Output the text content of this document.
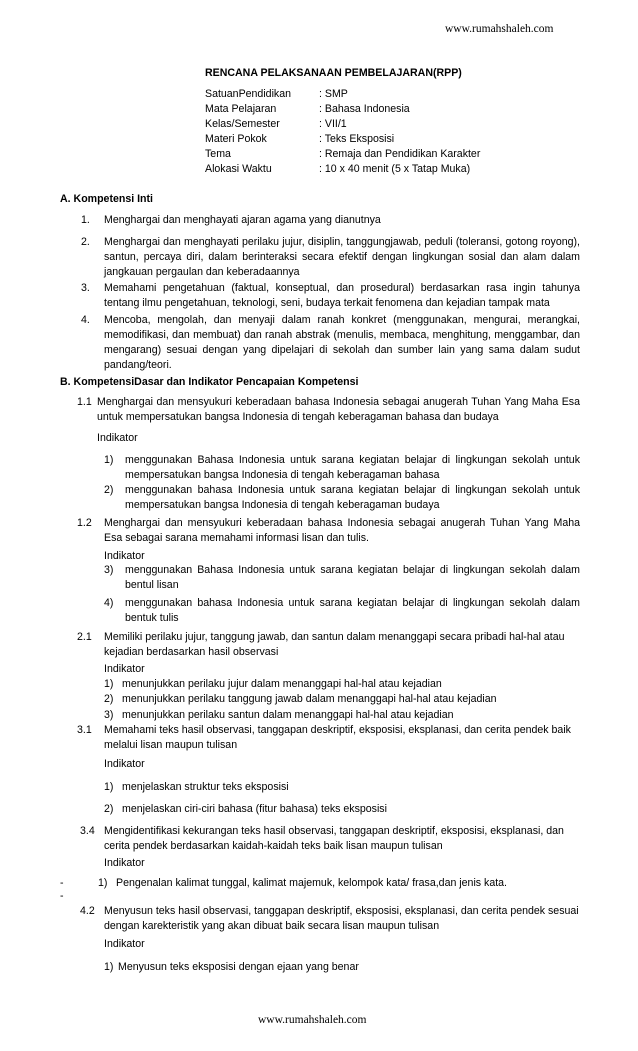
www.rumahshaleh.com
RENCANA PELAKSANAAN PEMBELAJARAN(RPP)
SatuanPendidikan	: SMP
Mata Pelajaran	: Bahasa Indonesia
Kelas/Semester	: VII/1
Materi Pokok	: Teks Eksposisi
Tema	: Remaja dan Pendidikan Karakter
Alokasi Waktu	: 10 x 40 menit (5 x Tatap Muka)
A. Kompetensi Inti
1. Menghargai dan menghayati ajaran agama yang dianutnya
2. Menghargai dan menghayati perilaku jujur, disiplin, tanggungjawab, peduli (toleransi, gotong royong), santun, percaya diri, dalam berinteraksi secara efektif dengan lingkungan sosial dan alam dalam jangkauan pergaulan dan keberadaannya
3. Memahami pengetahuan (faktual, konseptual, dan prosedural) berdasarkan rasa ingin tahunya tentang ilmu pengetahuan, teknologi, seni, budaya terkait fenomena dan kejadian tampak mata
4. Mencoba, mengolah, dan menyaji dalam ranah konkret (menggunakan, mengurai, merangkai, memodifikasi, dan membuat) dan ranah abstrak (menulis, membaca, menghitung, menggambar, dan mengarang) sesuai dengan yang dipelajari di sekolah dan sumber lain yang sama dalam sudut pandang/teori.
B. KompetensiDasar dan Indikator Pencapaian Kompetensi
1.1 Menghargai dan mensyukuri keberadaan bahasa Indonesia sebagai anugerah Tuhan Yang Maha Esa untuk mempersatukan bangsa Indonesia di tengah keberagaman bahasa dan budaya
Indikator
1) menggunakan Bahasa Indonesia untuk sarana kegiatan belajar di lingkungan sekolah untuk mempersatukan bangsa Indonesia di tengah keberagaman bahasa
2) menggunakan bahasa Indonesia untuk sarana kegiatan belajar di lingkungan sekolah untuk mempersatukan bangsa Indonesia di tengah keberagaman budaya
1.2 Menghargai dan mensyukuri keberadaan bahasa Indonesia sebagai anugerah Tuhan Yang Maha Esa sebagai sarana memahami informasi lisan dan tulis.
Indikator
3) menggunakan Bahasa Indonesia untuk sarana kegiatan belajar di lingkungan sekolah dalam bentul lisan
4) menggunakan bahasa Indonesia untuk sarana kegiatan belajar di lingkungan sekolah dalam bentuk tulis
2.1 Memiliki perilaku jujur, tanggung jawab, dan santun dalam menanggapi secara pribadi hal-hal atau kejadian berdasarkan hasil observasi
Indikator
1) menunjukkan perilaku jujur dalam menanggapi hal-hal atau kejadian
2) menunjukkan perilaku tanggung jawab dalam menanggapi hal-hal atau kejadian
3) menunjukkan perilaku santun dalam menanggapi hal-hal atau kejadian
3.1 Memahami teks hasil observasi, tanggapan deskriptif, eksposisi, eksplanasi, dan cerita pendek baik melalui lisan maupun tulisan
Indikator
1) menjelaskan struktur teks eksposisi
2) menjelaskan ciri-ciri bahasa (fitur bahasa) teks eksposisi
3.4 Mengidentifikasi kekurangan teks hasil observasi, tanggapan deskriptif, eksposisi, eksplanasi, dan cerita pendek berdasarkan kaidah-kaidah teks baik lisan maupun tulisan
Indikator
-	1) Pengenalan kalimat tunggal, kalimat majemuk, kelompok kata/ frasa,dan jenis kata.
-
4.2 Menyusun teks hasil observasi, tanggapan deskriptif, eksposisi, eksplanasi, dan cerita pendek sesuai dengan karekteristik yang akan dibuat baik secara lisan maupun tulisan
Indikator
1) Menyusun teks eksposisi dengan ejaan yang benar
www.rumahshaleh.com
